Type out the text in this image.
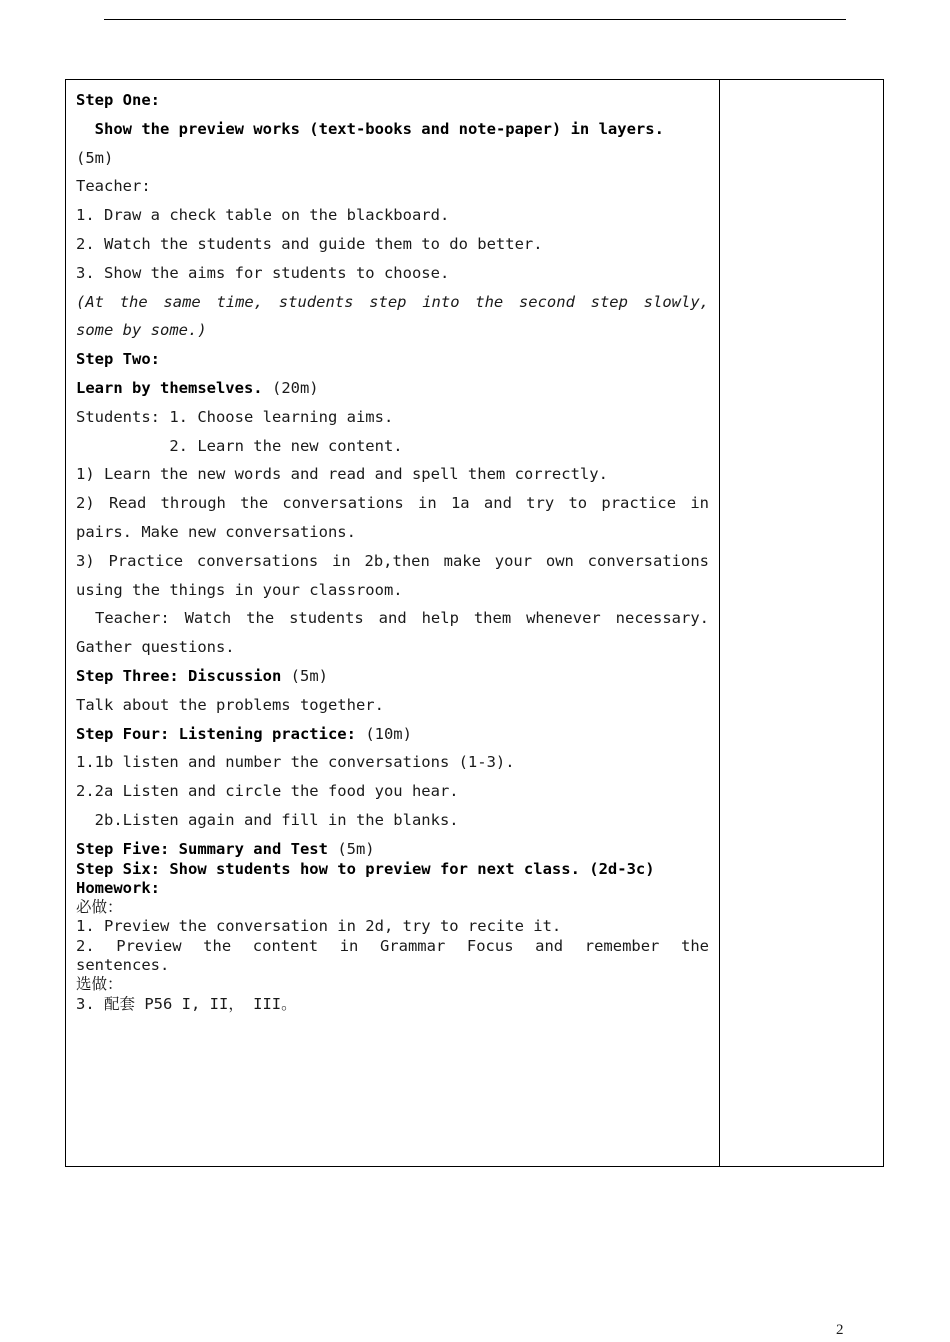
Step One:
Show the preview works (text-books and note-paper) in layers.
(5m)
Teacher:
1. Draw a check table on the blackboard.
2. Watch the students and guide them to do better.
3. Show the aims for students to choose.
(At the same time, students step into the second step slowly,
some by some.)
Step Two:
Learn by themselves. (20m)
Students: 1. Choose learning aims.
2. Learn the new content.
1) Learn the new words and read and spell them correctly.
2) Read through the conversations in 1a and try to practice in
pairs. Make new conversations.
3) Practice conversations in 2b,then make your own conversations
using the things in your classroom.
Teacher: Watch the students and help them whenever necessary.
Gather questions.
Step Three: Discussion (5m)
Talk about the problems together.
Step Four: Listening practice: (10m)
1.1b listen and number the conversations (1-3).
2.2a Listen and circle the food you hear.
2b.Listen again and fill in the blanks.
Step Five: Summary and Test (5m)
Step Six: Show students how to preview for next class. (2d-3c)
Homework:
必做：
1. Preview the conversation in 2d, try to recite it.
2. Preview the content in Grammar Focus and remember the
sentences.
选做：
3. 配套 P56 I, II， III。
2
